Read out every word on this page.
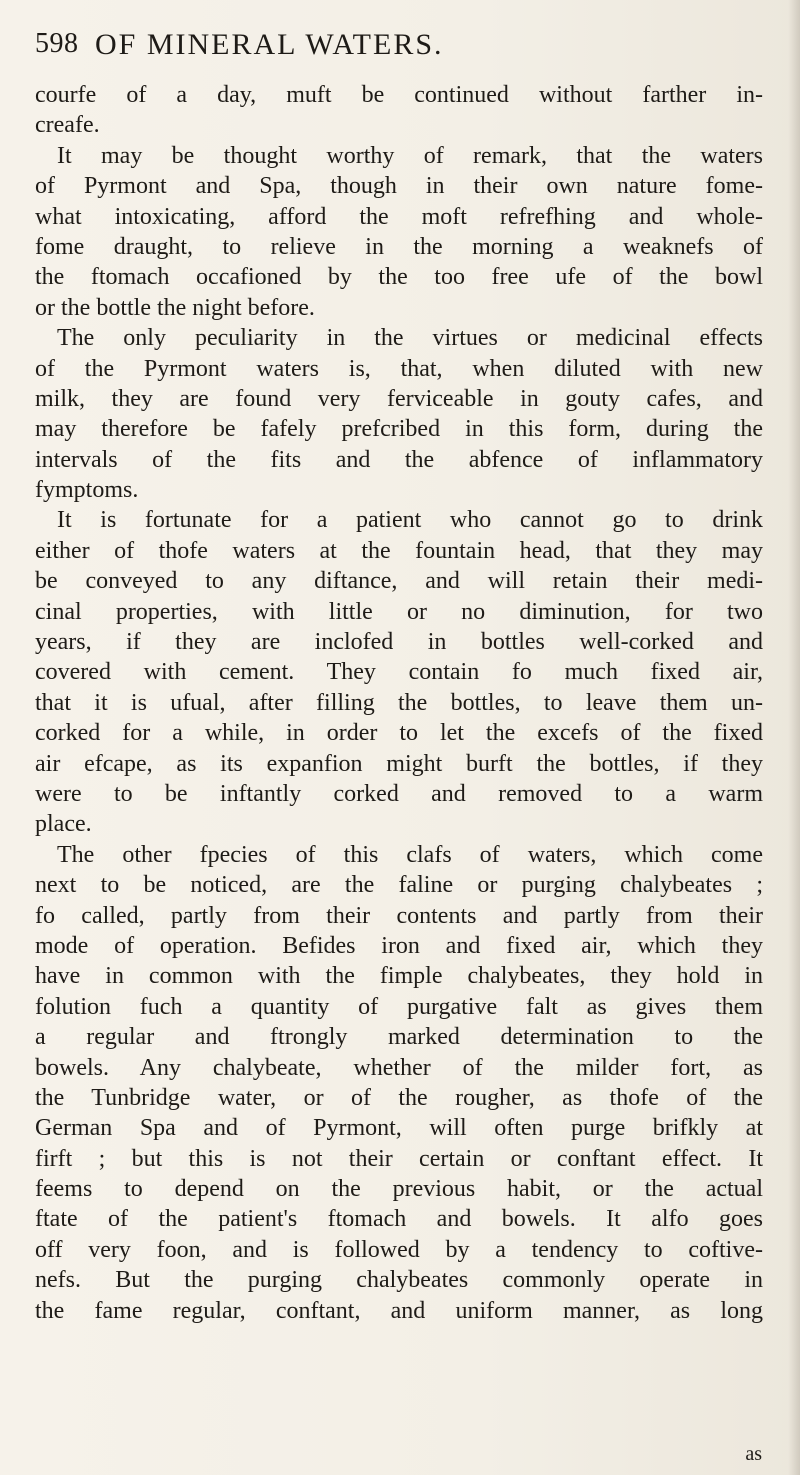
598 OF MINERAL WATERS.
courfe of a day, muft be continued without farther in-
creafe.
It may be thought worthy of remark, that the waters
of Pyrmont and Spa, though in their own nature fome-
what intoxicating, afford the moft refrefhing and whole-
fome draught, to relieve in the morning a weaknefs of
the ftomach occafioned by the too free ufe of the bowl
or the bottle the night before.
The only peculiarity in the virtues or medicinal effects
of the Pyrmont waters is, that, when diluted with new
milk, they are found very ferviceable in gouty cafes, and
may therefore be fafely prefcribed in this form, during the
intervals of the fits and the abfence of inflammatory
fymptoms.
It is fortunate for a patient who cannot go to drink
either of thofe waters at the fountain head, that they may
be conveyed to any diftance, and will retain their medi-
cinal properties, with little or no diminution, for two
years, if they are inclofed in bottles well-corked and
covered with cement. They contain fo much fixed air,
that it is ufual, after filling the bottles, to leave them un-
corked for a while, in order to let the excefs of the fixed
air efcape, as its expanfion might burft the bottles, if they
were to be inftantly corked and removed to a warm
place.
The other fpecies of this clafs of waters, which come
next to be noticed, are the faline or purging chalybeates ;
fo called, partly from their contents and partly from their
mode of operation. Befides iron and fixed air, which they
have in common with the fimple chalybeates, they hold in
folution fuch a quantity of purgative falt as gives them
a regular and ftrongly marked determination to the
bowels. Any chalybeate, whether of the milder fort, as
the Tunbridge water, or of the rougher, as thofe of the
German Spa and of Pyrmont, will often purge brifkly at
firft ; but this is not their certain or conftant effect. It
feems to depend on the previous habit, or the actual
ftate of the patient's ftomach and bowels. It alfo goes
off very foon, and is followed by a tendency to coftive-
nefs. But the purging chalybeates commonly operate in
the fame regular, conftant, and uniform manner, as long
as
